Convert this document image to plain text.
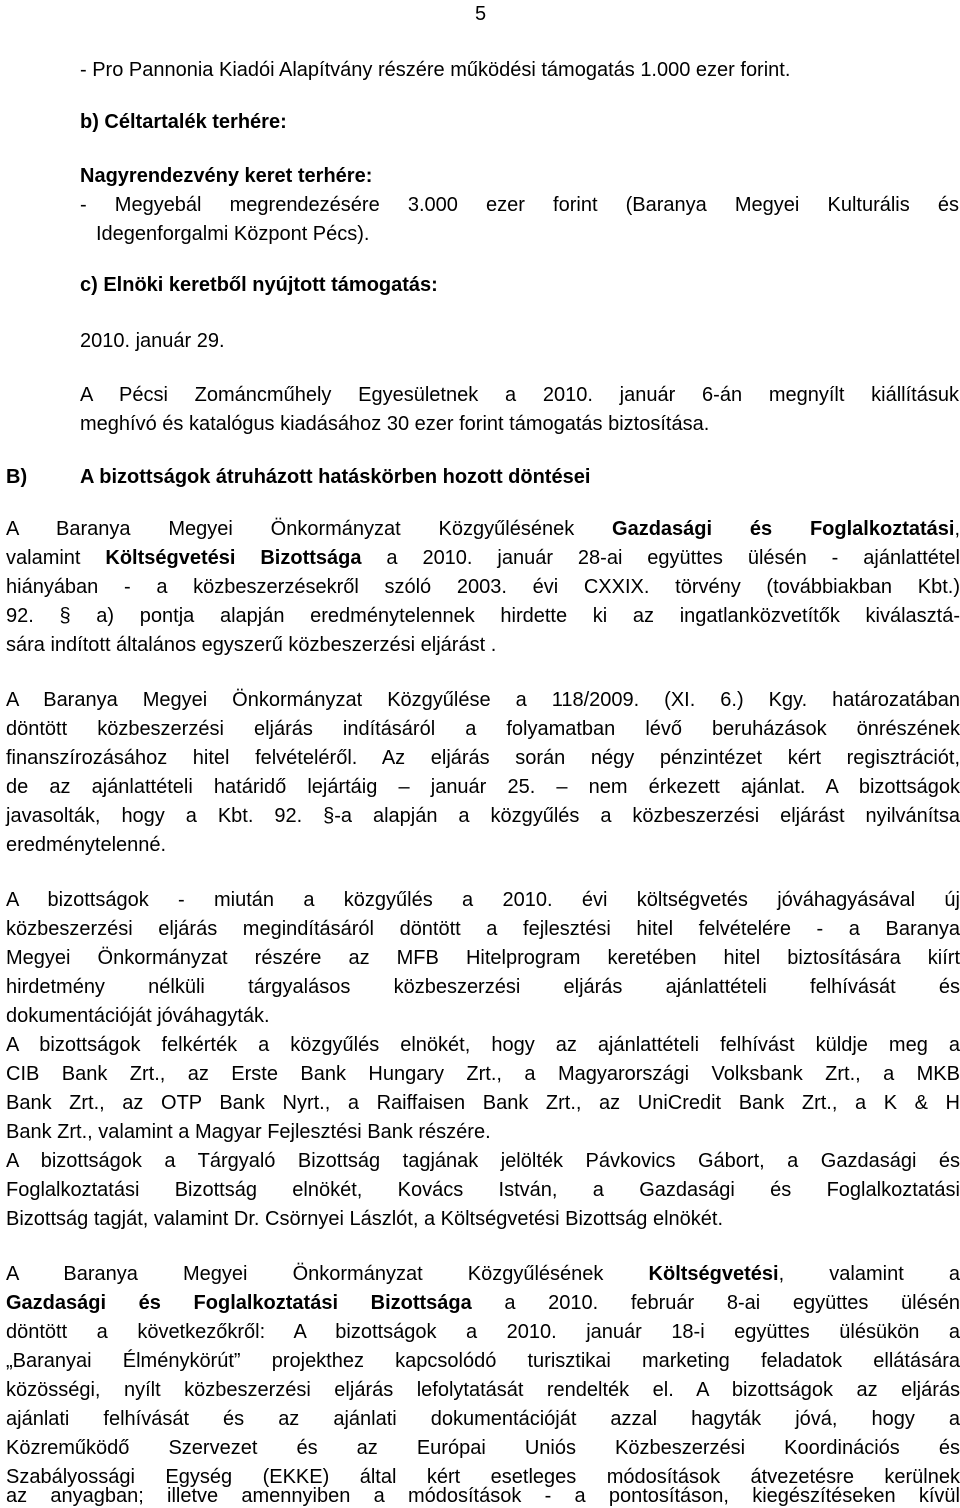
5

- Pro Pannonia Kiadói Alapítvány részére működési támogatás 1.000 ezer forint.

b) Céltartalék terhére:

Nagyrendezvény keret terhére:

- Megyebál megrendezésére 3.000 ezer forint (Baranya Megyei Kulturális és

Idegenforgalmi Központ Pécs).

c) Elnöki keretből nyújtott támogatás:

2010. január 29.

A Pécsi Zománcműhely Egyesületnek a 2010. január 6-án megnyílt kiállításuk

meghívó és katalógus kiadásához 30 ezer forint támogatás biztosítása.

B)	A bizottságok átruházott hatáskörben hozott döntései

A Baranya Megyei Önkormányzat Közgyűlésének Gazdasági és Foglalkoztatási,

valamint Költségvetési Bizottsága a 2010. január 28-ai együttes ülésén - ajánlattétel

hiányában - a közbeszerzésekről szóló 2003. évi CXXIX. törvény (továbbiakban Kbt.)

92. § a) pontja alapján eredménytelennek hirdette ki az ingatlanközvetítők kiválasztá-

sára indított általános egyszerű közbeszerzési eljárást .

A Baranya Megyei Önkormányzat Közgyűlése a 118/2009. (XI. 6.) Kgy. határozatában

döntött közbeszerzési eljárás indításáról a folyamatban lévő beruházások önrészének

finanszírozásához hitel felvételéről. Az eljárás során négy pénzintézet kért regisztrációt,

de az ajánlattételi határidő lejártáig – január 25. – nem érkezett ajánlat. A bizottságok

javasolták, hogy a Kbt. 92. §-a alapján a közgyűlés a közbeszerzési eljárást nyilvánítsa

eredménytelenné.

A bizottságok - miután a közgyűlés a 2010. évi költségvetés jóváhagyásával új

közbeszerzési eljárás megindításáról döntött a fejlesztési hitel felvételére - a Baranya

Megyei Önkormányzat részére az MFB Hitelprogram keretében hitel biztosítására kiírt

hirdetmény nélküli tárgyalásos közbeszerzési eljárás ajánlattételi felhívását és

dokumentációját jóváhagyták.

A bizottságok felkérték a közgyűlés elnökét, hogy az ajánlattételi felhívást küldje meg a

CIB Bank Zrt., az Erste Bank Hungary Zrt., a Magyarországi Volksbank Zrt., a MKB

Bank Zrt., az OTP Bank Nyrt., a Raiffaisen Bank Zrt., az UniCredit Bank Zrt., a K & H

Bank Zrt., valamint a Magyar Fejlesztési Bank részére.

A bizottságok a Tárgyaló Bizottság tagjának jelölték Pávkovics Gábort, a Gazdasági és

Foglalkoztatási Bizottság elnökét, Kovács István, a Gazdasági és Foglalkoztatási

Bizottság tagját, valamint Dr. Csörnyei Lászlót, a Költségvetési Bizottság elnökét.

A Baranya Megyei Önkormányzat Közgyűlésének Költségvetési, valamint a

Gazdasági és Foglalkoztatási Bizottsága a 2010. február 8-ai együttes ülésén

döntött a következőkről: A bizottságok a 2010. január 18-i együttes ülésükön a

„Baranyai Élménykörút” projekthez kapcsolódó turisztikai marketing feladatok ellátására

közösségi, nyílt közbeszerzési eljárás lefolytatását rendelték el. A bizottságok az eljárás

ajánlati felhívását és az ajánlati dokumentációját azzal hagyták jóvá, hogy a

Közreműködő Szervezet és az Európai Uniós Közbeszerzési Koordinációs és

Szabályossági Egység (EKKE) által kért esetleges módosítások átvezetésre kerülnek

az anyagban; illetve amennyiben a módosítások - a pontosításon, kiegészítéseken kívül
